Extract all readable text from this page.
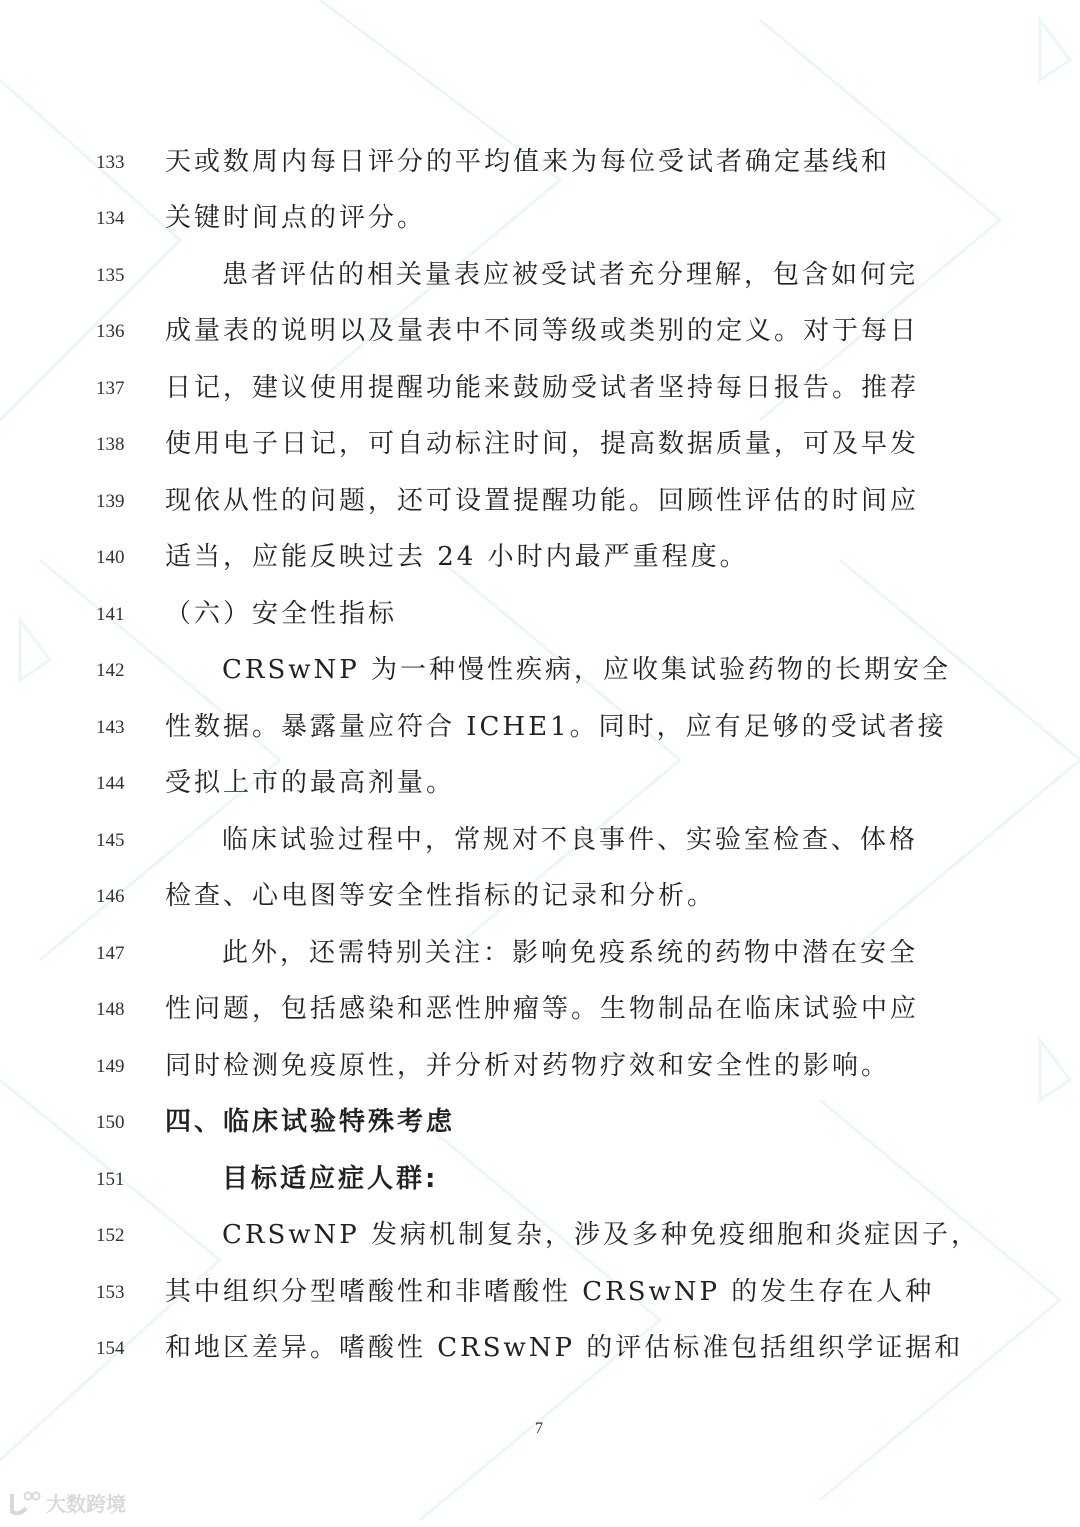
133	天或数周内每日评分的平均值来为每位受试者确定基线和
134	关键时间点的评分。
135	患者评估的相关量表应被受试者充分理解，包含如何完
136	成量表的说明以及量表中不同等级或类别的定义。对于每日
137	日记，建议使用提醒功能来鼓励受试者坚持每日报告。推荐
138	使用电子日记，可自动标注时间，提高数据质量，可及早发
139	现依从性的问题，还可设置提醒功能。回顾性评估的时间应
140	适当，应能反映过去 24 小时内最严重程度。
141	（六）安全性指标
142	CRSwNP 为一种慢性疾病，应收集试验药物的长期安全
143	性数据。暴露量应符合 ICHE1。同时，应有足够的受试者接
144	受拟上市的最高剂量。
145	临床试验过程中，常规对不良事件、实验室检查、体格
146	检查、心电图等安全性指标的记录和分析。
147	此外，还需特别关注：影响免疫系统的药物中潜在安全
148	性问题，包括感染和恶性肿瘤等。生物制品在临床试验中应
149	同时检测免疫原性，并分析对药物疗效和安全性的影响。
150	四、临床试验特殊考虑
151	目标适应症人群:
152	CRSwNP 发病机制复杂，涉及多种免疫细胞和炎症因子，
153	其中组织分型嗜酸性和非嗜酸性 CRSwNP 的发生存在人种
154	和地区差异。嗜酸性 CRSwNP 的评估标准包括组织学证据和
7
大数跨境
